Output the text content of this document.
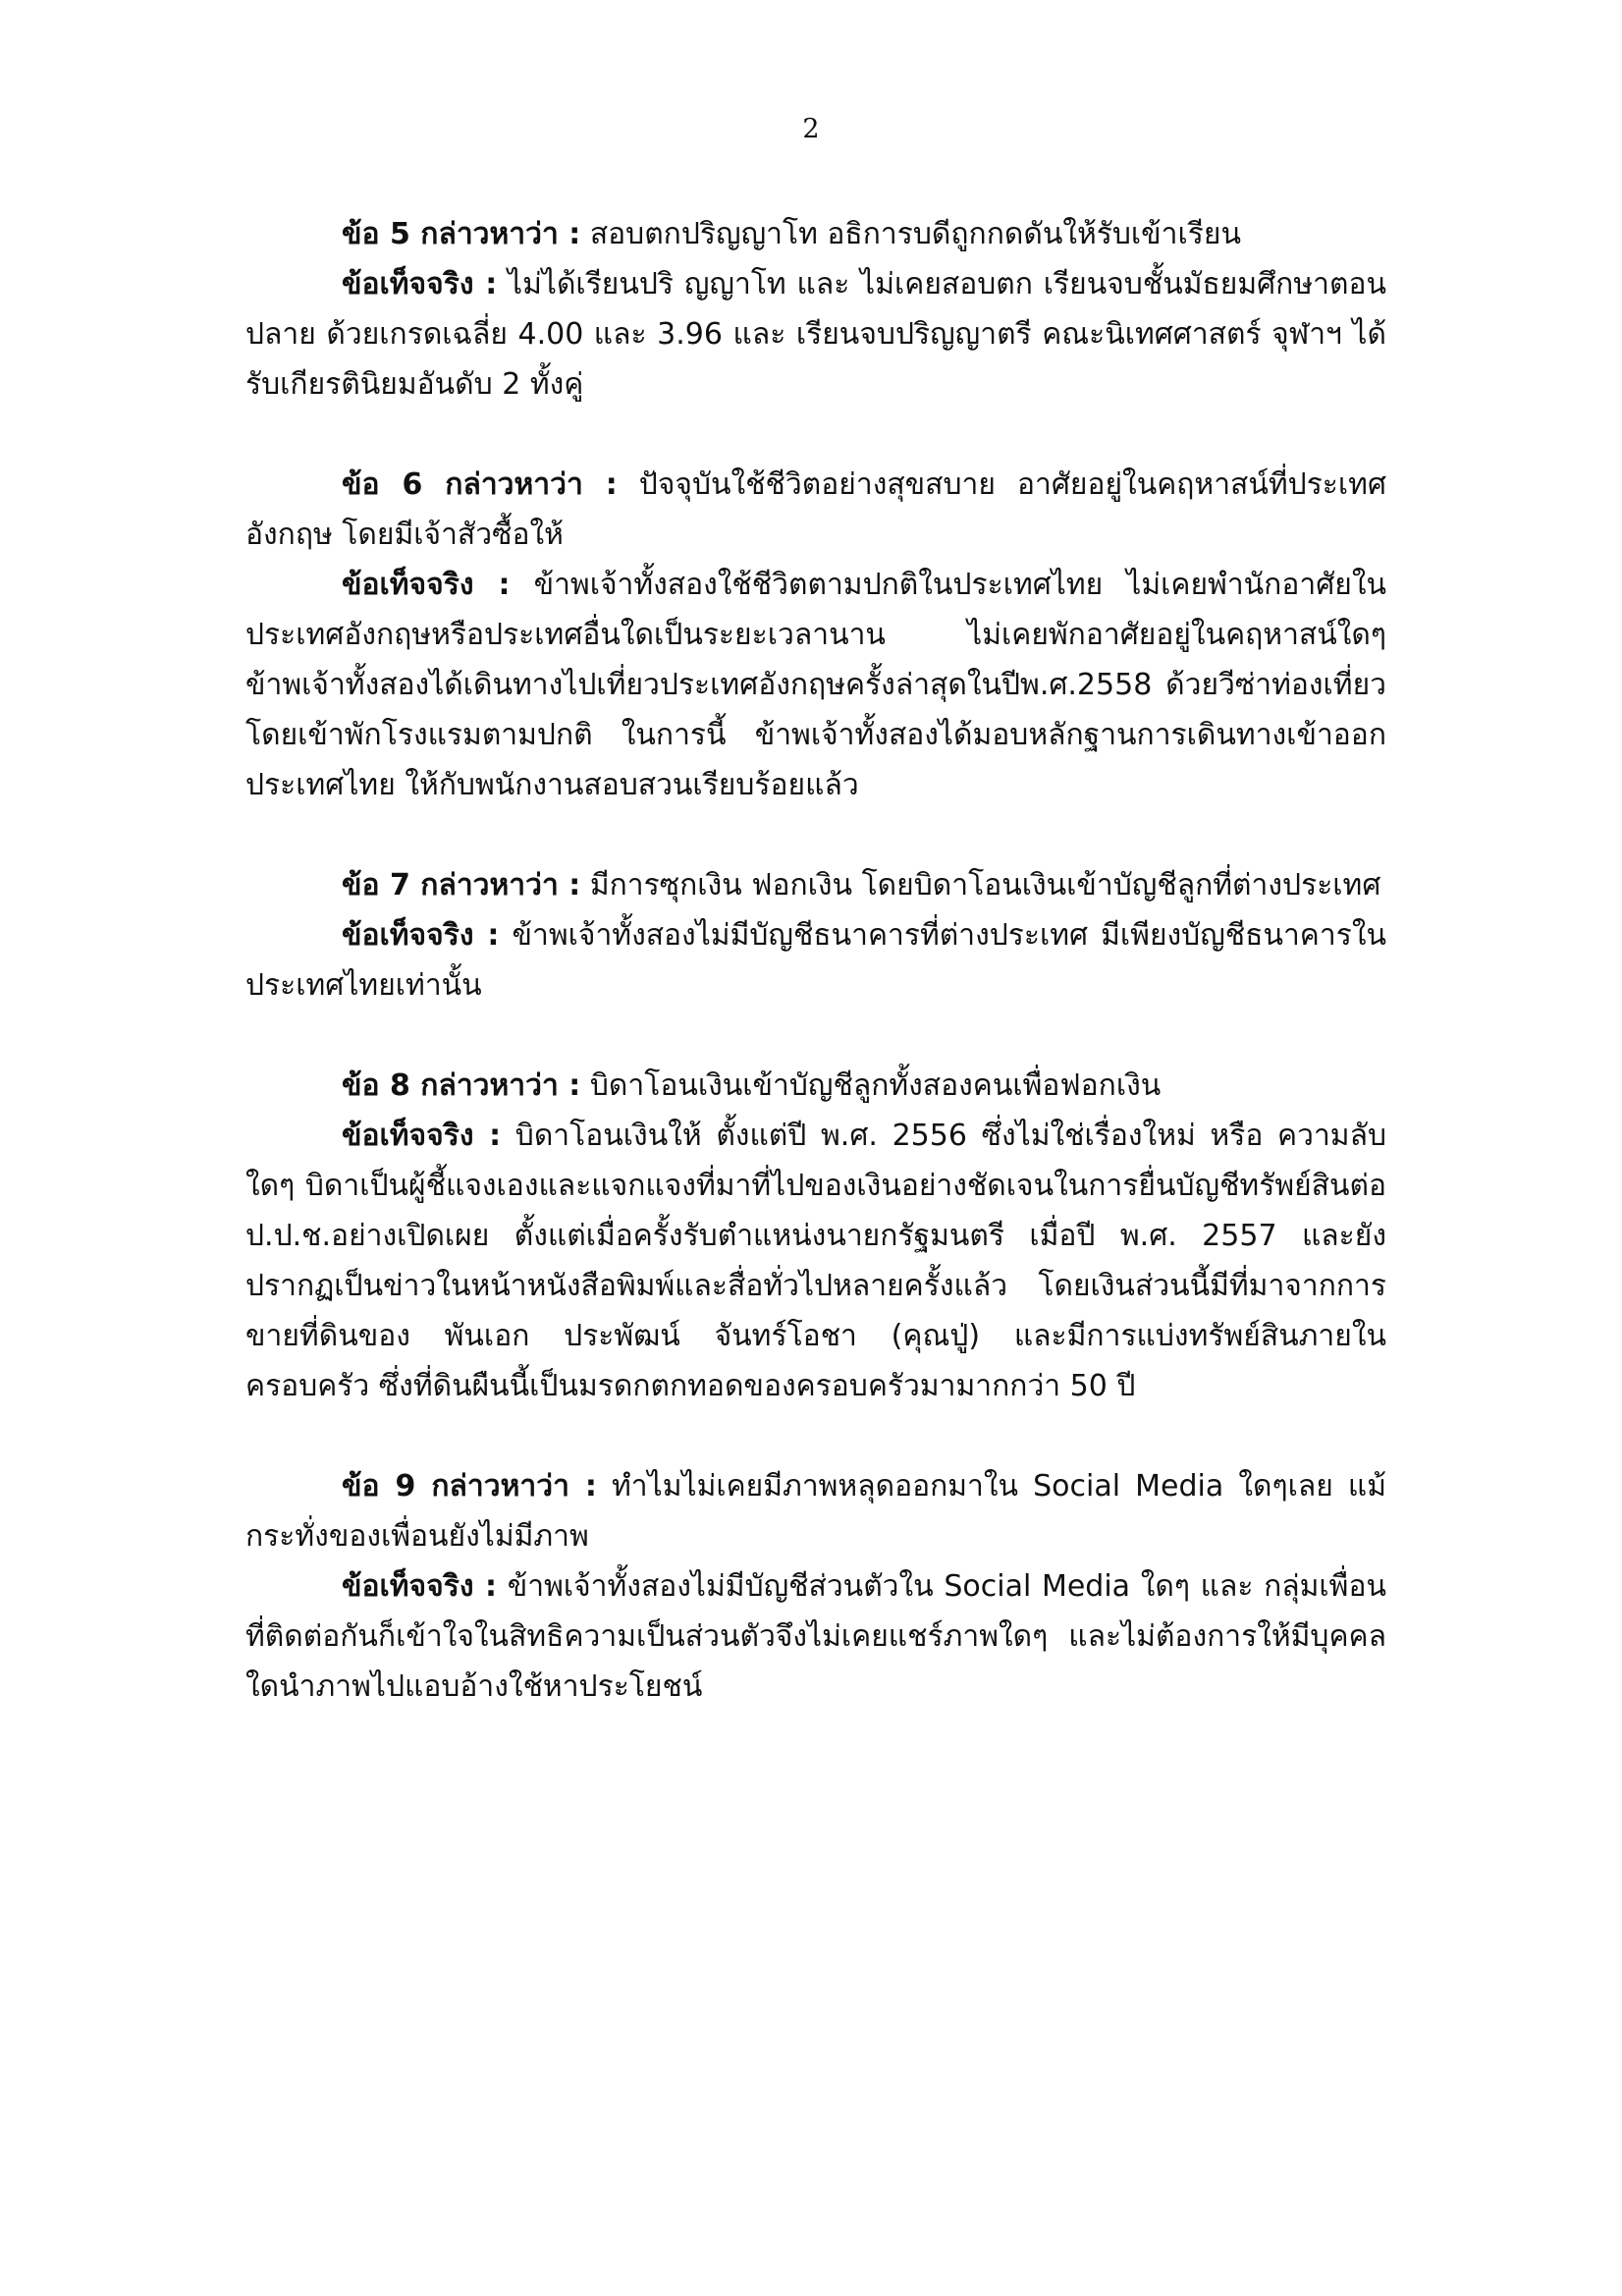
2

ข้อ 5 กล่าวหาว่า : สอบตกปริญญาโท อธิการบดีถูกกดดันให้รับเข้าเรียน

ข้อเท็จจริง : ไม่ได้เรียนปริ ญญาโท และ ไม่เคยสอบตก เรียนจบชั้นมัธยมศึกษาตอนปลาย ด้วยเกรดเฉลี่ย 4.00 และ 3.96 และ เรียนจบปริญญาตรี คณะนิเทศศาสตร์ จุฬาฯ ได้รับเกียรตินิยมอันดับ 2 ทั้งคู่

ข้อ 6 กล่าวหาว่า : ปัจจุบันใช้ชีวิตอย่างสุขสบาย อาศัยอยู่ในคฤหาสน์ที่ประเทศอังกฤษ โดยมีเจ้าสัวซื้อให้

ข้อเท็จจริง : ข้าพเจ้าทั้งสองใช้ชีวิตตามปกติในประเทศไทย ไม่เคยพำนักอาศัยในประเทศอังกฤษหรือประเทศอื่นใดเป็นระยะเวลานาน ไม่เคยพักอาศัยอยู่ในคฤหาสน์ใดๆ ข้าพเจ้าทั้งสองได้เดินทางไปเที่ยวประเทศอังกฤษครั้งล่าสุดในปีพ.ศ.2558 ด้วยวีซ่าท่องเที่ยว โดยเข้าพักโรงแรมตามปกติ ในการนี้ ข้าพเจ้าทั้งสองได้มอบหลักฐานการเดินทางเข้าออกประเทศไทย ให้กับพนักงานสอบสวนเรียบร้อยแล้ว

ข้อ 7 กล่าวหาว่า : มีการซุกเงิน ฟอกเงิน โดยบิดาโอนเงินเข้าบัญชีลูกที่ต่างประเทศ

ข้อเท็จจริง : ข้าพเจ้าทั้งสองไม่มีบัญชีธนาคารที่ต่างประเทศ มีเพียงบัญชีธนาคารในประเทศไทยเท่านั้น

ข้อ 8 กล่าวหาว่า : บิดาโอนเงินเข้าบัญชีลูกทั้งสองคนเพื่อฟอกเงิน

ข้อเท็จจริง : บิดาโอนเงินให้ ตั้งแต่ปี พ.ศ. 2556 ซึ่งไม่ใช่เรื่องใหม่ หรือ ความลับใดๆ บิดาเป็นผู้ชี้แจงเองและแจกแจงที่มาที่ไปของเงินอย่างชัดเจนในการยื่นบัญชีทรัพย์สินต่อป.ป.ช.อย่างเปิดเผย ตั้งแต่เมื่อครั้งรับตำแหน่งนายกรัฐมนตรี เมื่อปี พ.ศ. 2557 และยังปรากฏเป็นข่าวในหน้าหนังสือพิมพ์และสื่อทั่วไปหลายครั้งแล้ว โดยเงินส่วนนี้มีที่มาจากการขายที่ดินของ พันเอก ประพัฒน์ จันทร์โอชา (คุณปู่) และมีการแบ่งทรัพย์สินภายในครอบครัว ซึ่งที่ดินผืนนี้เป็นมรดกตกทอดของครอบครัวมามากกว่า 50 ปี

ข้อ 9 กล่าวหาว่า : ทำไมไม่เคยมีภาพหลุดออกมาใน Social Media ใดๆเลย แม้กระทั่งของเพื่อนยังไม่มีภาพ

ข้อเท็จจริง : ข้าพเจ้าทั้งสองไม่มีบัญชีส่วนตัวใน Social Media ใดๆ และ กลุ่มเพื่อนที่ติดต่อกันก็เข้าใจในสิทธิความเป็นส่วนตัวจึงไม่เคยแชร์ภาพใดๆ และไม่ต้องการให้มีบุคคลใดนำภาพไปแอบอ้างใช้หาประโยชน์
